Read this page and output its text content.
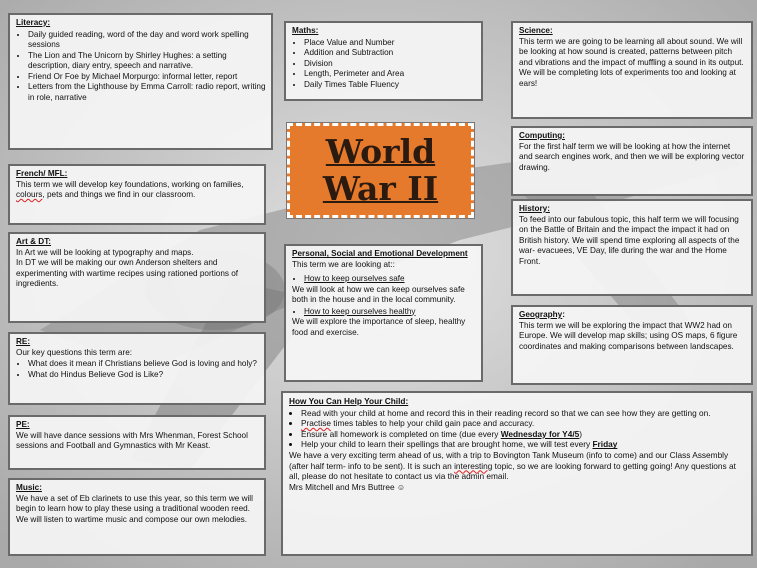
Literacy:
• Daily guided reading, word of the day and word work spelling sessions
• The Lion and The Unicorn by Shirley Hughes: a setting description, diary entry, speech and narrative.
• Friend Or Foe by Michael Morpurgo: informal letter, report
• Letters from the Lighthouse by Emma Carroll: radio report, writing in role, narrative
Maths:
• Place Value and Number
• Addition and Subtraction
• Division
• Length, Perimeter and Area
• Daily Times Table Fluency
Science:

This term we are going to be learning all about sound. We will be looking at how sound is created, patterns between pitch and vibrations and the impact of muffling a sound in its output. We will be completing lots of experiments too and looking at ears!

World
War II
Computing:

For the first half term we will be looking at how the internet and search engines work, and then we will be exploring vector drawing.

French/ MFL:

This term we will develop key foundations, working on families, colours, pets and things we find in our classroom.

History:

To feed into our fabulous topic, this half term we will focusing on the Battle of Britain and the impact the impact it had on British history. We will spend time exploring all aspects of the war- evacuees, VE Day, life during the war and the Home Front.

Art & DT:

In Art we will be looking at typography and maps.

In DT we will be making our own Anderson shelters and experimenting with wartime recipes using rationed portions of ingredients.

Personal, Social and Emotional Development

This term we are looking at::

• How to keep ourselves safe

We will look at how we can keep ourselves safe both in the house and in the local community.

• How to keep ourselves healthy

We will explore the importance of sleep, healthy food and exercise.

Geography:

This term we will be exploring the impact that WW2 had on Europe. We will develop map skills; using OS maps, 6 figure coordinates and making comparisons between landscapes.

RE:

Our key questions this term are:

• What does it mean if Christians believe God is loving and holy?
• What do Hindus Believe God is Like?
How You Can Help Your Child:
• Read with your child at home and record this in their reading record so that we can see how they are getting on.
• Practise times tables to help your child gain pace and accuracy.
• Ensure all homework is completed on time (due every Wednesday for Y4/5)
• Help your child to learn their spellings that are brought home, we will test every Friday

We have a very exciting term ahead of us, with a trip to Bovington Tank Museum (info to come) and our Class Assembly (after half term- info to be sent). It is such an interesting topic, so we are looking forward to getting going! Any questions at all, please do not hesitate to contact us via the admin email.

Mrs Mitchell and Mrs Buttree ☺

PE:

We will have dance sessions with Mrs Whenman, Forest School sessions and Football and Gymnastics with Mr Keast.

Music:

We have a set of Eb clarinets to use this year, so this term we will begin to learn how to play these using a traditional wooden reed. We will listen to wartime music and compose our own melodies.
